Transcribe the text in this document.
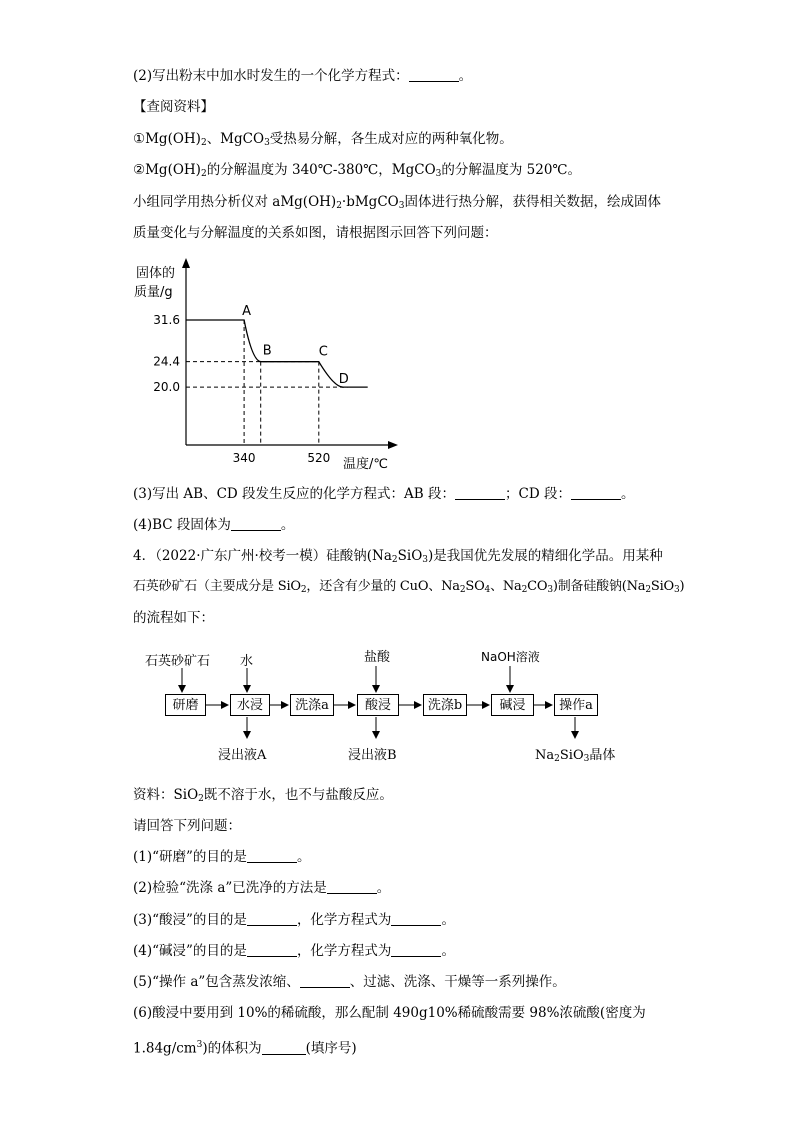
(2)写出粉末中加水时发生的一个化学方程式：	。
【查阅资料】
$①Mg(OH)_2$、MgCO$_3$受热易分解，各生成对应的两种氧化物。
$②Mg(OH)_2$的分解温度为 340℃-380℃，MgCO$_3$的分解温度为 520℃。
小组同学用热分析仪对 $aMg(OH)_2\cdot bMgCO_3$固体进行热分解，获得相关数据，绘成固体
质量变化与分解温度的关系如图，请根据图示回答下列问题：
固体的
质量/g
31.6
24.4
20.0
340	520
A
B	C
D
温度/℃
(3)写出 AB、CD 段发生反应的化学方程式：AB 段：	；CD 段：	。
(4)BC 段固体为	。
4．（2022·广东广州·校考一模）硅酸钠$(Na_2SiO_3)$是我国优先发展的精细化学品。用某种
石英砂矿石（主要成分是 SiO$_2$，还含有少量的 CuO、$Na_2SO_4$、$Na_2CO_3$)制备硅酸钠$(Na_2SiO_3)$
的流程如下：
石英砂矿石 水	盐酸	NaOH溶液
研磨	水浸	洗涤a	酸浸	洗涤b	碱浸	操作a
浸出液A	浸出液B	$Na_2SiO_3$晶体
资料：SiO$_2$既不溶于水，也不与盐酸反应。
请回答下列问题：
(1)“研磨”的目的是	。
(2)检验“洗涤 a”已洗净的方法是	。
(3)“酸浸”的目的是	，化学方程式为	。
(4)“碱浸”的目的是	，化学方程式为	。
(5)“操作 a”包含蒸发浓缩、	、过滤、洗涤、干燥等一系列操作。
(6)酸浸中要用到 10%的稀硫酸，那么配制 490g10%稀硫酸需要 98%浓硫酸(密度为
$1.84g/cm^3$)的体积为	(填序号)
